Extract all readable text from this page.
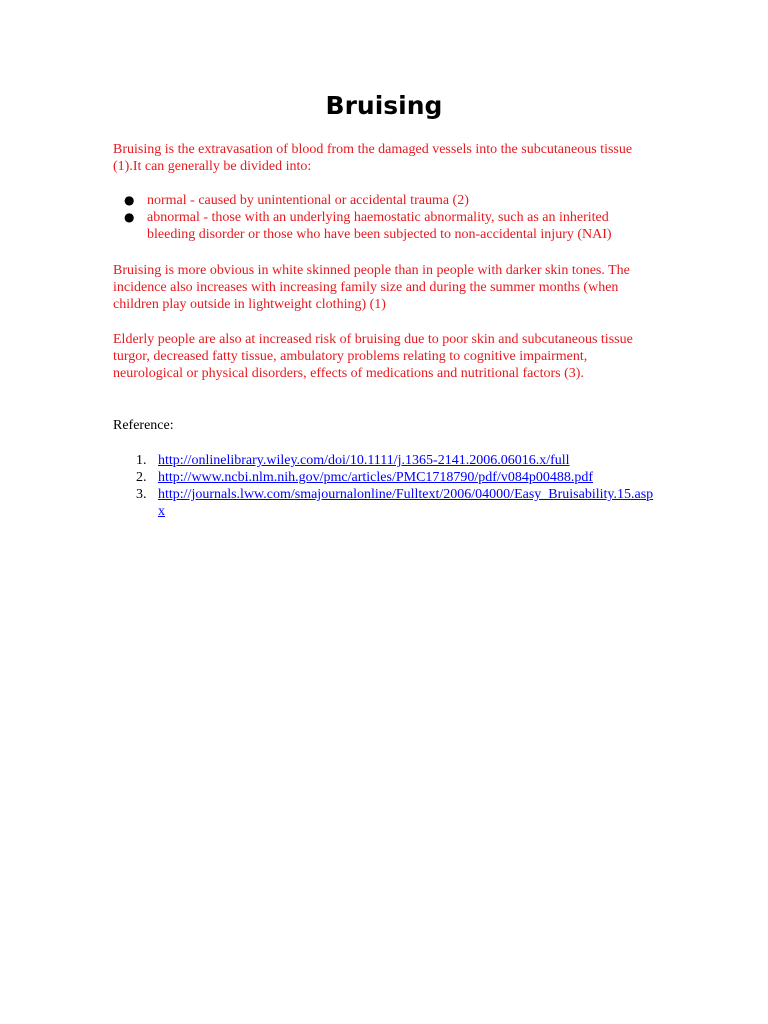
Bruising

Bruising is the extravasation of blood from the damaged vessels into the subcutaneous tissue (1).It can generally be divided into:

● normal - caused by unintentional or accidental trauma (2)
● abnormal - those with an underlying haemostatic abnormality, such as an inherited bleeding disorder or those who have been subjected to non-accidental injury (NAI)

Bruising is more obvious in white skinned people than in people with darker skin tones. The incidence also increases with increasing family size and during the summer months (when children play outside in lightweight clothing) (1)

Elderly people are also at increased risk of bruising due to poor skin and subcutaneous tissue turgor, decreased fatty tissue, ambulatory problems relating to cognitive impairment, neurological or physical disorders, effects of medications and nutritional factors (3).

Reference:

1. http://onlinelibrary.wiley.com/doi/10.1111/j.1365-2141.2006.06016.x/full
2. http://www.ncbi.nlm.nih.gov/pmc/articles/PMC1718790/pdf/v084p00488.pdf
3. http://journals.lww.com/smajournalonline/Fulltext/2006/04000/Easy_Bruisability.15.aspx
